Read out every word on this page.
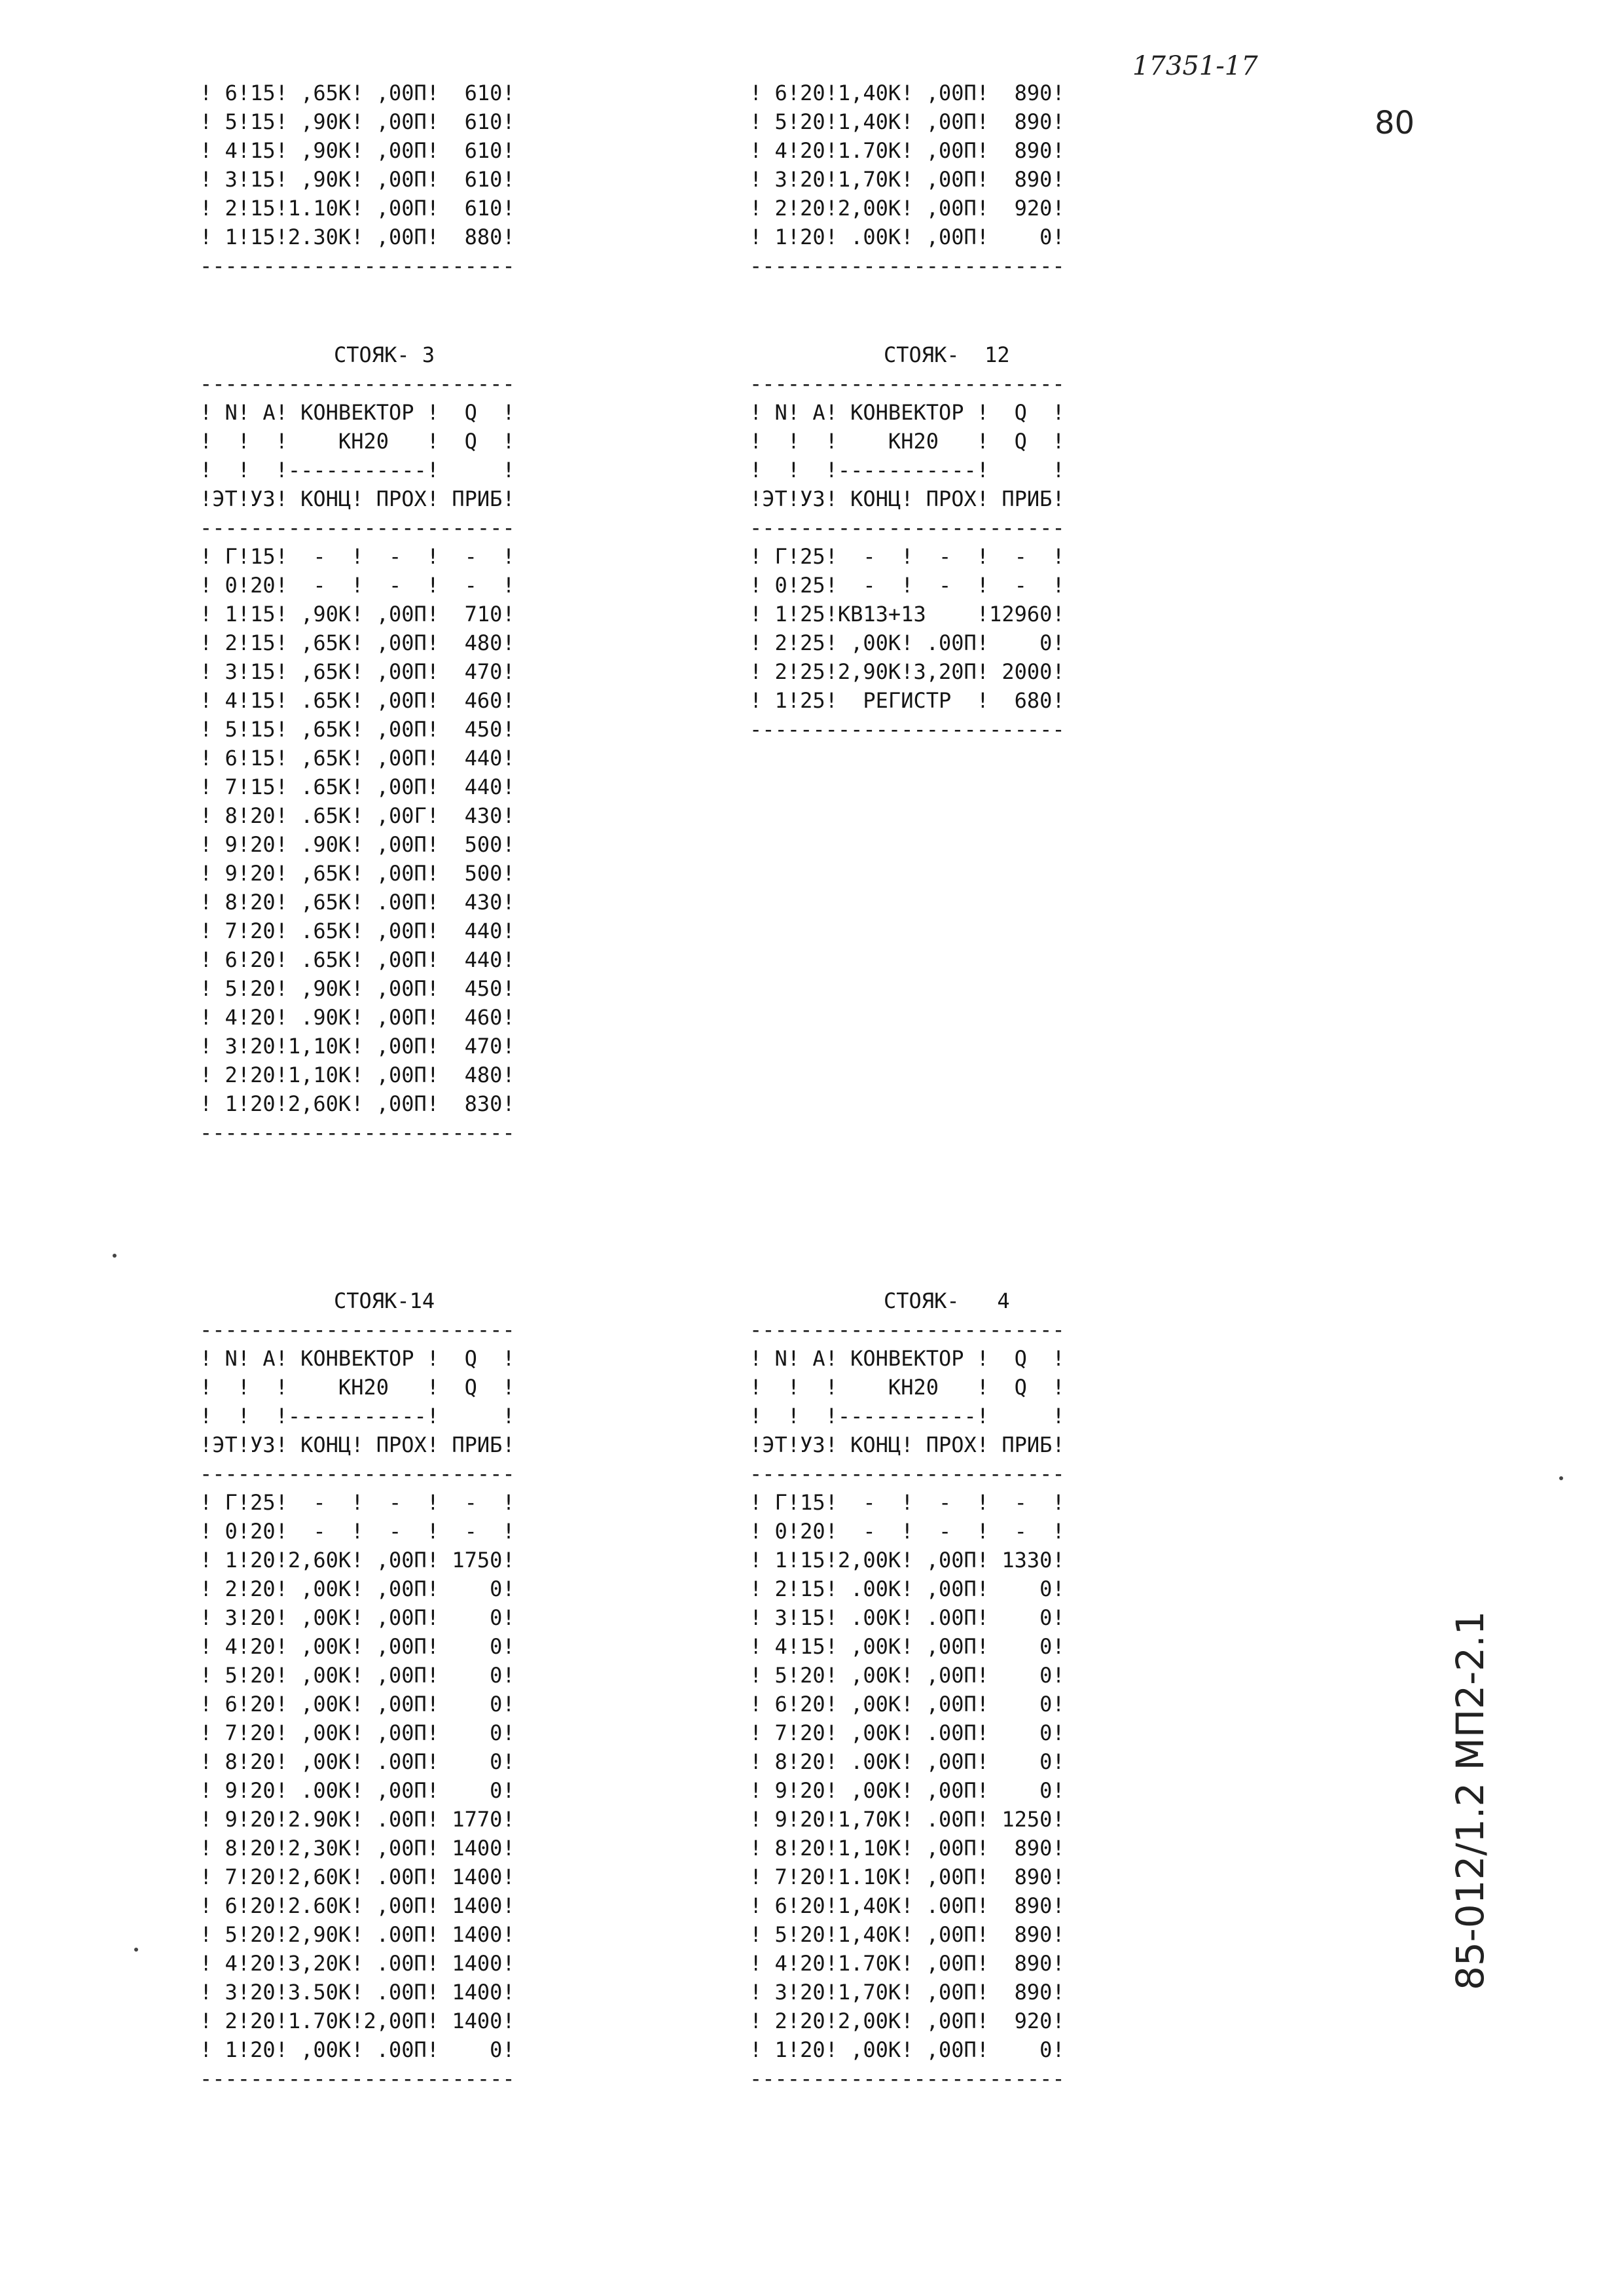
17351-17
80
85-012/1.2 МП2-2.1
! 6!15! ,65К! ,00П!  610!
! 5!15! ,90К! ,00П!  610!
! 4!15! ,90К! ,00П!  610!
! 3!15! ,90К! ,00П!  610!
! 2!15!1.10К! ,00П!  610!
! 1!15!2.30К! ,00П!  880!
-------------------------
! 6!20!1,40К! ,00П!  890!
! 5!20!1,40К! ,00П!  890!
! 4!20!1.70К! ,00П!  890!
! 3!20!1,70К! ,00П!  890!
! 2!20!2,00К! ,00П!  920!
! 1!20! .00К! ,00П!    0!
-------------------------
СТОЯК- 3
-------------------------
! N! А! КОНВЕКТОР !  Q  !
!  !  !    КН20   !  Q  !
!  !  !-----------!     !
!ЭТ!УЗ! КОНЦ! ПРОХ! ПРИБ!
-------------------------
! Г!15!  -  !  -  !  -  !
! 0!20!  -  !  -  !  -  !
! 1!15! ,90К! ,00П!  710!
! 2!15! ,65К! ,00П!  480!
! 3!15! ,65К! ,00П!  470!
! 4!15! .65К! ,00П!  460!
! 5!15! ,65К! ,00П!  450!
! 6!15! ,65К! ,00П!  440!
! 7!15! .65К! ,00П!  440!
! 8!20! .65К! ,00Г!  430!
! 9!20! .90К! ,00П!  500!
! 9!20! ,65К! ,00П!  500!
! 8!20! ,65К! .00П!  430!
! 7!20! .65К! ,00П!  440!
! 6!20! .65К! ,00П!  440!
! 5!20! ,90К! ,00П!  450!
! 4!20! .90К! ,00П!  460!
! 3!20!1,10К! ,00П!  470!
! 2!20!1,10К! ,00П!  480!
! 1!20!2,60К! ,00П!  830!
-------------------------
СТОЯК-  12
-------------------------
! N! А! КОНВЕКТОР !  Q  !
!  !  !    КН20   !  Q  !
!  !  !-----------!     !
!ЭТ!УЗ! КОНЦ! ПРОХ! ПРИБ!
-------------------------
! Г!25!  -  !  -  !  -  !
! 0!25!  -  !  -  !  -  !
! 1!25!КВ13+13    !12960!
! 2!25! ,00К! .00П!    0!
! 2!25!2,90К!3,20П! 2000!
! 1!25!  РЕГИСТР  !  680!
-------------------------
СТОЯК-14
-------------------------
! N! А! КОНВЕКТОР !  Q  !
!  !  !    КН20   !  Q  !
!  !  !-----------!     !
!ЭТ!УЗ! КОНЦ! ПРОХ! ПРИБ!
-------------------------
! Г!25!  -  !  -  !  -  !
! 0!20!  -  !  -  !  -  !
! 1!20!2,60К! ,00П! 1750!
! 2!20! ,00К! ,00П!    0!
! 3!20! ,00К! ,00П!    0!
! 4!20! ,00К! ,00П!    0!
! 5!20! ,00К! ,00П!    0!
! 6!20! ,00К! ,00П!    0!
! 7!20! ,00К! ,00П!    0!
! 8!20! ,00К! .00П!    0!
! 9!20! .00К! ,00П!    0!
! 9!20!2.90К! .00П! 1770!
! 8!20!2,30К! ,00П! 1400!
! 7!20!2,60К! .00П! 1400!
! 6!20!2.60К! ,00П! 1400!
! 5!20!2,90К! .00П! 1400!
! 4!20!3,20К! .00П! 1400!
! 3!20!3.50К! .00П! 1400!
! 2!20!1.70К!2,00П! 1400!
! 1!20! ,00К! .00П!    0!
-------------------------
СТОЯК-   4
-------------------------
! N! А! КОНВЕКТОР !  Q  !
!  !  !    КН20   !  Q  !
!  !  !-----------!     !
!ЭТ!УЗ! КОНЦ! ПРОХ! ПРИБ!
-------------------------
! Г!15!  -  !  -  !  -  !
! 0!20!  -  !  -  !  -  !
! 1!15!2,00К! ,00П! 1330!
! 2!15! .00К! ,00П!    0!
! 3!15! .00К! .00П!    0!
! 4!15! ,00К! ,00П!    0!
! 5!20! ,00К! ,00П!    0!
! 6!20! ,00К! ,00П!    0!
! 7!20! ,00К! .00П!    0!
! 8!20! .00К! ,00П!    0!
! 9!20! ,00К! ,00П!    0!
! 9!20!1,70К! .00П! 1250!
! 8!20!1,10К! ,00П!  890!
! 7!20!1.10К! ,00П!  890!
! 6!20!1,40К! .00П!  890!
! 5!20!1,40К! ,00П!  890!
! 4!20!1.70К! ,00П!  890!
! 3!20!1,70К! ,00П!  890!
! 2!20!2,00К! ,00П!  920!
! 1!20! ,00К! ,00П!    0!
-------------------------
